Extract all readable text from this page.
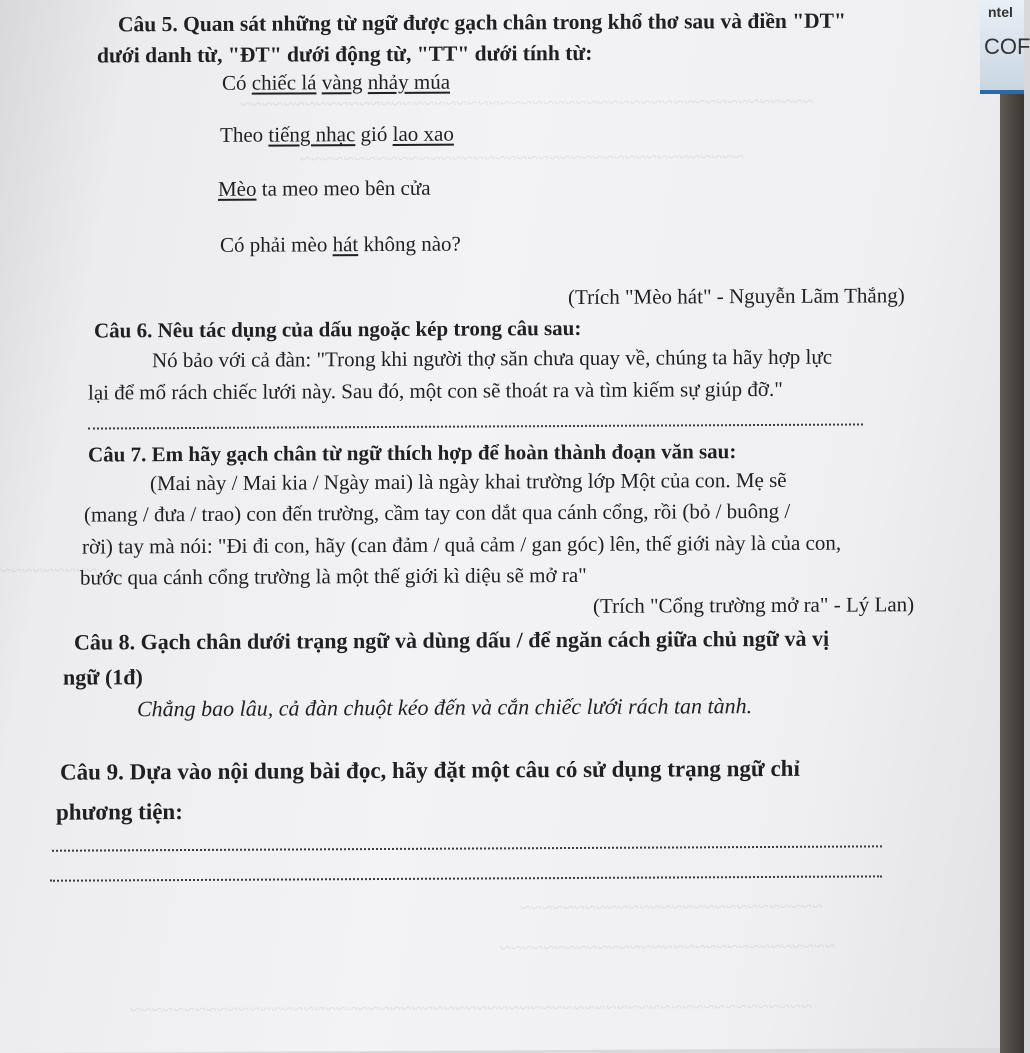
~~~~~~~~~~~~~~~~~~~~~~~~~~~~~~~~~~~~~~~~~~~~~~~~~~~~~
~~~~~~~~~~~~~~~~~~~~~~~~~~~~~~~~~~~~~~~~~
~~~~~~~~~
~~~~~~~~~~~~~~~~~~~~~~~~~~~~
~~~~~~~~~~~~~~~~~~~~~~~~~~~~~~~
~~~~~~~~~~~~~~~~~~~~~~~~~~~~~~~~~~~~~~~~~~~~~~~~~~~~~~~~~~~~~~~
Câu 5. Quan sát những từ ngữ được gạch chân trong khổ thơ sau và điền "DT"
dưới danh từ, "ĐT" dưới động từ, "TT" dưới tính từ:
Có chiếc lá vàng nhảy múa
Theo tiếng nhạc gió lao xao
Mèo ta meo meo bên cửa
Có phải mèo hát không nào?
(Trích "Mèo hát" - Nguyễn Lãm Thắng)
Câu 6. Nêu tác dụng của dấu ngoặc kép trong câu sau:
Nó bảo với cả đàn: "Trong khi người thợ săn chưa quay về, chúng ta hãy hợp lực
lại để mổ rách chiếc lưới này. Sau đó, một con sẽ thoát ra và tìm kiếm sự giúp đỡ."
Câu 7. Em hãy gạch chân từ ngữ thích hợp để hoàn thành đoạn văn sau:
(Mai này / Mai kia / Ngày mai) là ngày khai trường lớp Một của con. Mẹ sẽ
(mang / đưa / trao) con đến trường, cầm tay con dắt qua cánh cổng, rồi (bỏ / buông /
rời) tay mà nói: "Đi đi con, hãy (can đảm / quả cảm / gan góc) lên, thế giới này là của con,
bước qua cánh cổng trường là một thế giới kì diệu sẽ mở ra"
(Trích "Cổng trường mở ra" - Lý Lan)
Câu 8. Gạch chân dưới trạng ngữ và dùng dấu / để ngăn cách giữa chủ ngữ và vị
ngữ (1đ)
Chẳng bao lâu, cả đàn chuột kéo đến và cắn chiếc lưới rách tan tành.
Câu 9. Dựa vào nội dung bài đọc, hãy đặt một câu có sử dụng trạng ngữ chỉ
phương tiện:
ntel
COF
